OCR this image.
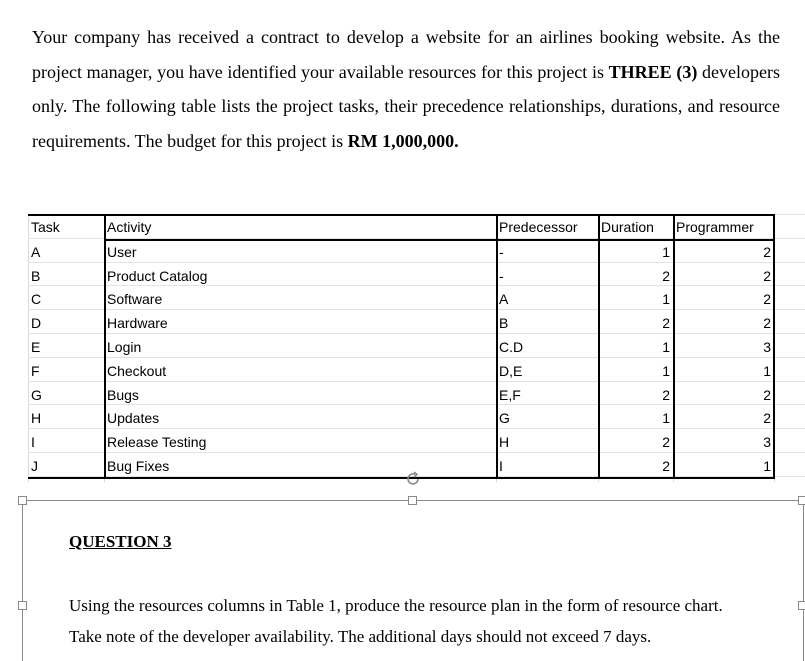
Your company has received a contract to develop a website for an airlines booking website. As the project manager, you have identified your available resources for this project is THREE (3) developers only. The following table lists the project tasks, their precedence relationships, durations, and resource requirements. The budget for this project is RM 1,000,000.

Task	Activity	Predecessor	Duration	Programmer
A	User	-	1	2
B	Product Catalog	-	2	2
C	Software	A	1	2
D	Hardware	B	2	2
E	Login	C.D	1	3
F	Checkout	D,E	1	1
G	Bugs	E,F	2	2
H	Updates	G	1	2
I	Release Testing	H	2	3
J	Bug Fixes	I	2	1
QUESTION 3

Using the resources columns in Table 1, produce the resource plan in the form of resource chart.

Take note of the developer availability. The additional days should not exceed 7 days.
